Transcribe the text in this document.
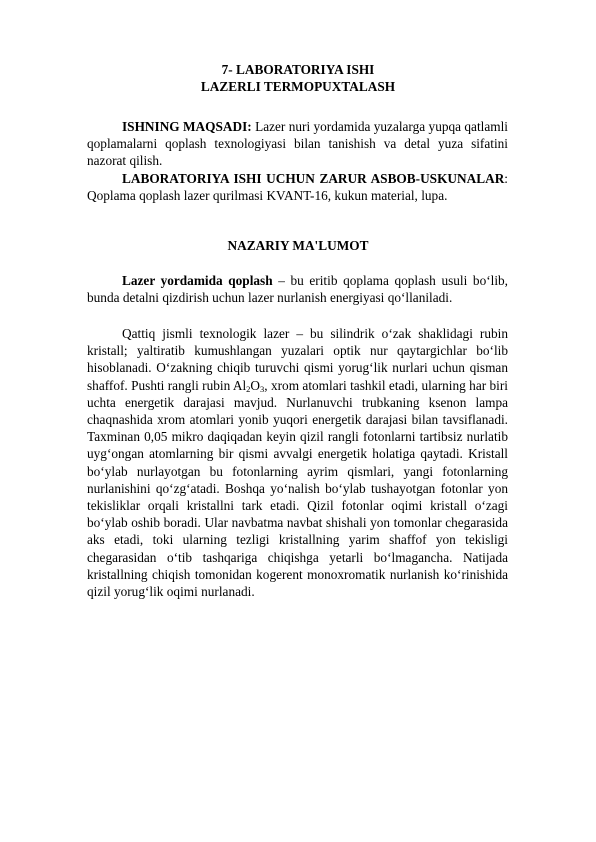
7- LABORATORIYA ISHI
LAZERLI TERMOPUXTALASH

ISHNING MAQSADI: Lazer nuri yordamida yuzalarga yupqa qatlamli qoplamalarni qoplash texnologiyasi bilan tanishish va detal yuza sifatini nazorat qilish.

LABORATORIYA ISHI UCHUN ZARUR ASBOB-USKUNALAR: Qoplama qoplash lazer qurilmasi KVANT-16, kukun material, lupa.

NAZARIY MA'LUMOT

Lazer yordamida qoplash – bu eritib qoplama qoplash usuli bo‘lib, bunda detalni qizdirish uchun lazer nurlanish energiyasi qo‘llaniladi.

Qattiq jismli texnologik lazer – bu silindrik o‘zak shaklidagi rubin kristall; yaltiratib kumushlangan yuzalari optik nur qaytargichlar bo‘lib hisoblanadi. O‘zakning chiqib turuvchi qismi yorug‘lik nurlari uchun qisman shaffof. Pushti rangli rubin $Al_2O_3$, xrom atomlari tashkil etadi, ularning har biri uchta energetik darajasi mavjud. Nurlanuvchi trubkaning ksenon lampa chaqnashida xrom atomlari yonib yuqori energetik darajasi bilan tavsiflanadi. Taxminan 0,05 mikro daqiqadan keyin qizil rangli fotonlarni tartibsiz nurlatib uyg‘ongan atomlarning bir qismi avvalgi energetik holatiga qaytadi. Kristall bo‘ylab nurlayotgan bu fotonlarning ayrim qismlari, yangi fotonlarning nurlanishini qo‘zg‘atadi. Boshqa yo‘nalish bo‘ylab tushayotgan fotonlar yon tekisliklar orqali kristallni tark etadi. Qizil fotonlar oqimi kristall o‘zagi bo‘ylab oshib boradi. Ular navbatma navbat shishali yon tomonlar chegarasida aks etadi, toki ularning tezligi kristallning yarim shaffof yon tekisligi chegarasidan o‘tib tashqariga chiqishga yetarli bo‘lmagancha. Natijada kristallning chiqish tomonidan kogerent monoxromatik nurlanish ko‘rinishida qizil yorug‘lik oqimi nurlanadi.
